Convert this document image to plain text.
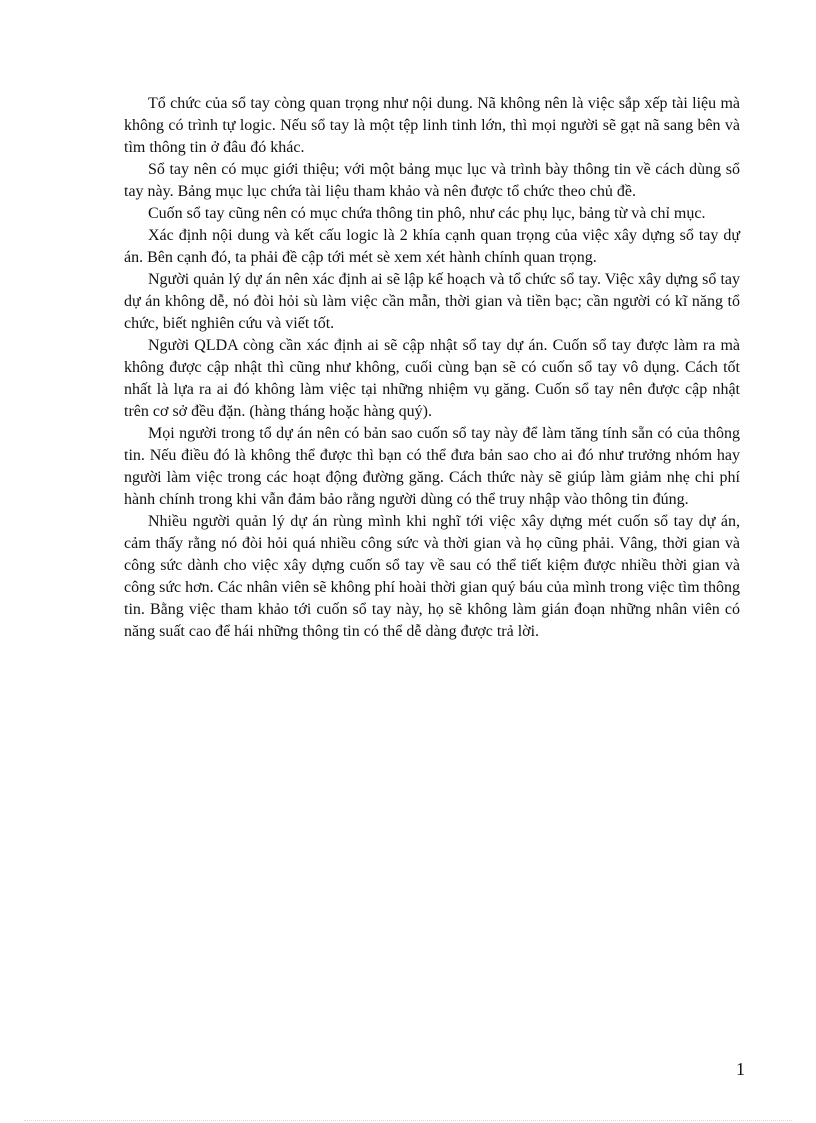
Tổ chức của sổ tay còng quan trọng như nội dung. Nã không nên là việc sắp xếp tài liệu mà không có trình tự logic. Nếu sổ tay là một tệp linh tinh lớn, thì mọi người sẽ gạt nã sang bên và tìm thông tin ở đâu đó khác.

Sổ tay nên có mục giới thiệu; với một bảng mục lục và trình bày thông tin về cách dùng sổ tay này. Bảng mục lục chứa tài liệu tham khảo và nên được tổ chức theo chủ đề.

Cuốn sổ tay cũng nên có mục chứa thông tin phô, như các phụ lục, bảng từ và chỉ mục.

Xác định nội dung và kết cấu logic là 2 khía cạnh quan trọng của việc xây dựng sổ tay dự án. Bên cạnh đó, ta phải đề cập tới mét sè xem xét hành chính quan trọng.

Người quản lý dự án nên xác định ai sẽ lập kế hoạch và tổ chức sổ tay. Việc xây dựng sổ tay dự án không dễ, nó đòi hỏi sù làm việc cần mẫn, thời gian và tiền bạc; cần người có kĩ năng tổ chức, biết nghiên cứu và viết tốt.

Người QLDA còng cần xác định ai sẽ cập nhật sổ tay dự án. Cuốn sổ tay được làm ra mà không được cập nhật thì cũng như không, cuối cùng bạn sẽ có cuốn sổ tay vô dụng. Cách tốt nhất là lựa ra ai đó không làm việc tại những nhiệm vụ găng. Cuốn sổ tay nên được cập nhật trên cơ sở đều đặn. (hàng tháng hoặc hàng quý).

Mọi người trong tổ dự án nên có bản sao cuốn sổ tay này để làm tăng tính sẵn có của thông tin. Nếu điều đó là không thể được thì bạn có thể đưa bản sao cho ai đó như trưởng nhóm hay người làm việc trong các hoạt động đường găng. Cách thức này sẽ giúp làm giảm nhẹ chi phí hành chính trong khi vẫn đảm bảo rằng người dùng có thể truy nhập vào thông tin đúng.

Nhiều người quản lý dự án rùng mình khi nghĩ tới việc xây dựng mét cuốn sổ tay dự án, cảm thấy rằng nó đòi hỏi quá nhiều công sức và thời gian và họ cũng phải. Vâng, thời gian và công sức dành cho việc xây dựng cuốn sổ tay về sau có thể tiết kiệm được nhiều thời gian và công sức hơn. Các nhân viên sẽ không phí hoài thời gian quý báu của mình trong việc tìm thông tin. Bằng việc tham khảo tới cuốn sổ tay này, họ sẽ không làm gián đoạn những nhân viên có năng suất cao để hái những thông tin có thể dễ dàng được trả lời.

1
